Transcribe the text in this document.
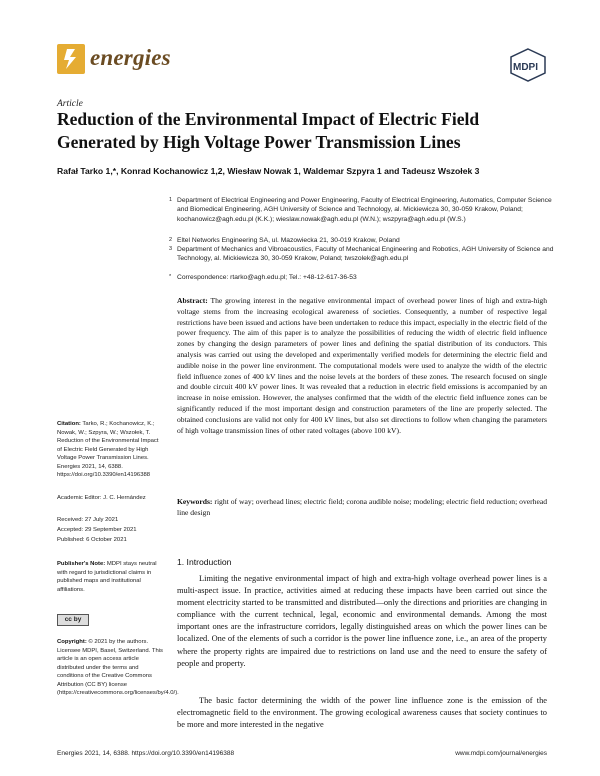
energies	MDPI
Article
Reduction of the Environmental Impact of Electric Field Generated by High Voltage Power Transmission Lines
Rafał Tarko 1,*, Konrad Kochanowicz 1,2, Wiesław Nowak 1, Waldemar Szpyra 1 and Tadeusz Wszołek 3
1 Department of Electrical Engineering and Power Engineering, Faculty of Electrical Engineering, Automatics, Computer Science and Biomedical Engineering, AGH University of Science and Technology, al. Mickiewicza 30, 30-059 Krakow, Poland; kochanowicz@agh.edu.pl (K.K.); wieslaw.nowak@agh.edu.pl (W.N.); wszpyra@agh.edu.pl (W.S.)
2 Eltel Networks Engineering SA, ul. Mazowiecka 21, 30-019 Krakow, Poland
3 Department of Mechanics and Vibroacoustics, Faculty of Mechanical Engineering and Robotics, AGH University of Science and Technology, al. Mickiewicza 30, 30-059 Krakow, Poland; twszolek@agh.edu.pl
* Correspondence: rtarko@agh.edu.pl; Tel.: +48-12-617-36-53
Citation: Tarko, R.; Kochanowicz, K.; Nowak, W.; Szpyra, W.; Wszołek, T. Reduction of the Environmental Impact of Electric Field Generated by High Voltage Power Transmission Lines. Energies 2021, 14, 6388. https://doi.org/10.3390/en14196388
Academic Editor: J. C. Hernández
Received: 27 July 2021
Accepted: 29 September 2021
Published: 6 October 2021
Publisher's Note: MDPI stays neutral with regard to jurisdictional claims in published maps and institutional affiliations.
cc by
Copyright: © 2021 by the authors. Licensee MDPI, Basel, Switzerland. This article is an open access article distributed under the terms and conditions of the Creative Commons Attribution (CC BY) license (https://creativecommons.org/licenses/by/4.0/).
Abstract: The growing interest in the negative environmental impact of overhead power lines of high and extra-high voltage stems from the increasing ecological awareness of societies. Consequently, a number of respective legal restrictions have been issued and actions have been undertaken to reduce this impact, especially in the electric field of the power frequency. The aim of this paper is to analyze the possibilities of reducing the width of electric field influence zones by changing the design parameters of power lines and defining the spatial distribution of its conductors. This analysis was carried out using the developed and experimentally verified models for determining the electric field and audible noise in the power line environment. The computational models were used to analyze the width of the electric field influence zones of 400 kV lines and the noise levels at the borders of these zones. The research focused on single and double circuit 400 kV power lines. It was revealed that a reduction in electric field emissions is accompanied by an increase in noise emission. However, the analyses confirmed that the width of the electric field influence zones can be significantly reduced if the most important design and construction parameters of the line are properly selected. The obtained conclusions are valid not only for 400 kV lines, but also set directions to follow when changing the parameters of high voltage transmission lines of other rated voltages (above 100 kV).
Keywords: right of way; overhead lines; electric field; corona audible noise; modeling; electric field reduction; overhead line design
1. Introduction
Limiting the negative environmental impact of high and extra-high voltage overhead power lines is a multi-aspect issue. In practice, activities aimed at reducing these impacts have been carried out since the moment electricity started to be transmitted and distributed—only the directions and priorities are changing in compliance with the current technical, legal, economic and environmental demands. Among the most important ones are the infrastructure corridors, legally distinguished areas on which the power lines can be localized. One of the elements of such a corridor is the power line influence zone, i.e., an area of the property where the property rights are impaired due to restrictions on land use and the need to ensure the safety of people and property.
The basic factor determining the width of the power line influence zone is the emission of the electromagnetic field to the environment. The growing ecological awareness causes that society continues to be more and more interested in the negative
Energies 2021, 14, 6388. https://doi.org/10.3390/en14196388	www.mdpi.com/journal/energies
